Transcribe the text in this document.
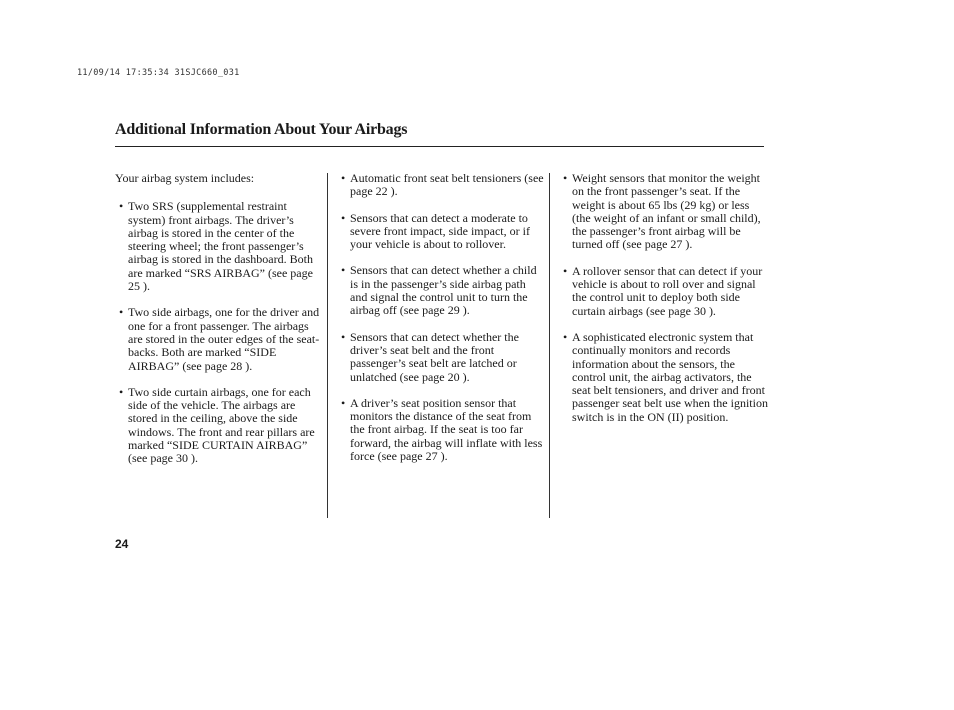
11/09/14 17:35:34 31SJC660_031
Additional Information About Your Airbags

Your airbag system includes:

• Two SRS (supplemental restraint system) front airbags. The driver’s airbag is stored in the center of the steering wheel; the front passenger’s airbag is stored in the dashboard. Both are marked “SRS AIRBAG” (see page 25 ).
• Two side airbags, one for the driver and one for a front passenger. The airbags are stored in the outer edges of the seat-backs. Both are marked “SIDE AIRBAG” (see page 28 ).
• Two side curtain airbags, one for each side of the vehicle. The airbags are stored in the ceiling, above the side windows. The front and rear pillars are marked “SIDE CURTAIN AIRBAG” (see page 30 ).
• Automatic front seat belt tensioners (see page 22 ).
• Sensors that can detect a moderate to severe front impact, side impact, or if your vehicle is about to rollover.
• Sensors that can detect whether a child is in the passenger’s side airbag path and signal the control unit to turn the airbag off (see page 29 ).
• Sensors that can detect whether the driver’s seat belt and the front passenger’s seat belt are latched or unlatched (see page 20 ).
• A driver’s seat position sensor that monitors the distance of the seat from the front airbag. If the seat is too far forward, the airbag will inflate with less force (see page 27 ).
• Weight sensors that monitor the weight on the front passenger’s seat. If the weight is about 65 lbs (29 kg) or less (the weight of an infant or small child), the passenger’s front airbag will be turned off (see page 27 ).
• A rollover sensor that can detect if your vehicle is about to roll over and signal the control unit to deploy both side curtain airbags (see page 30 ).
• A sophisticated electronic system that continually monitors and records information about the sensors, the control unit, the airbag activators, the seat belt tensioners, and driver and front passenger seat belt use when the ignition switch is in the ON (II) position.
24
